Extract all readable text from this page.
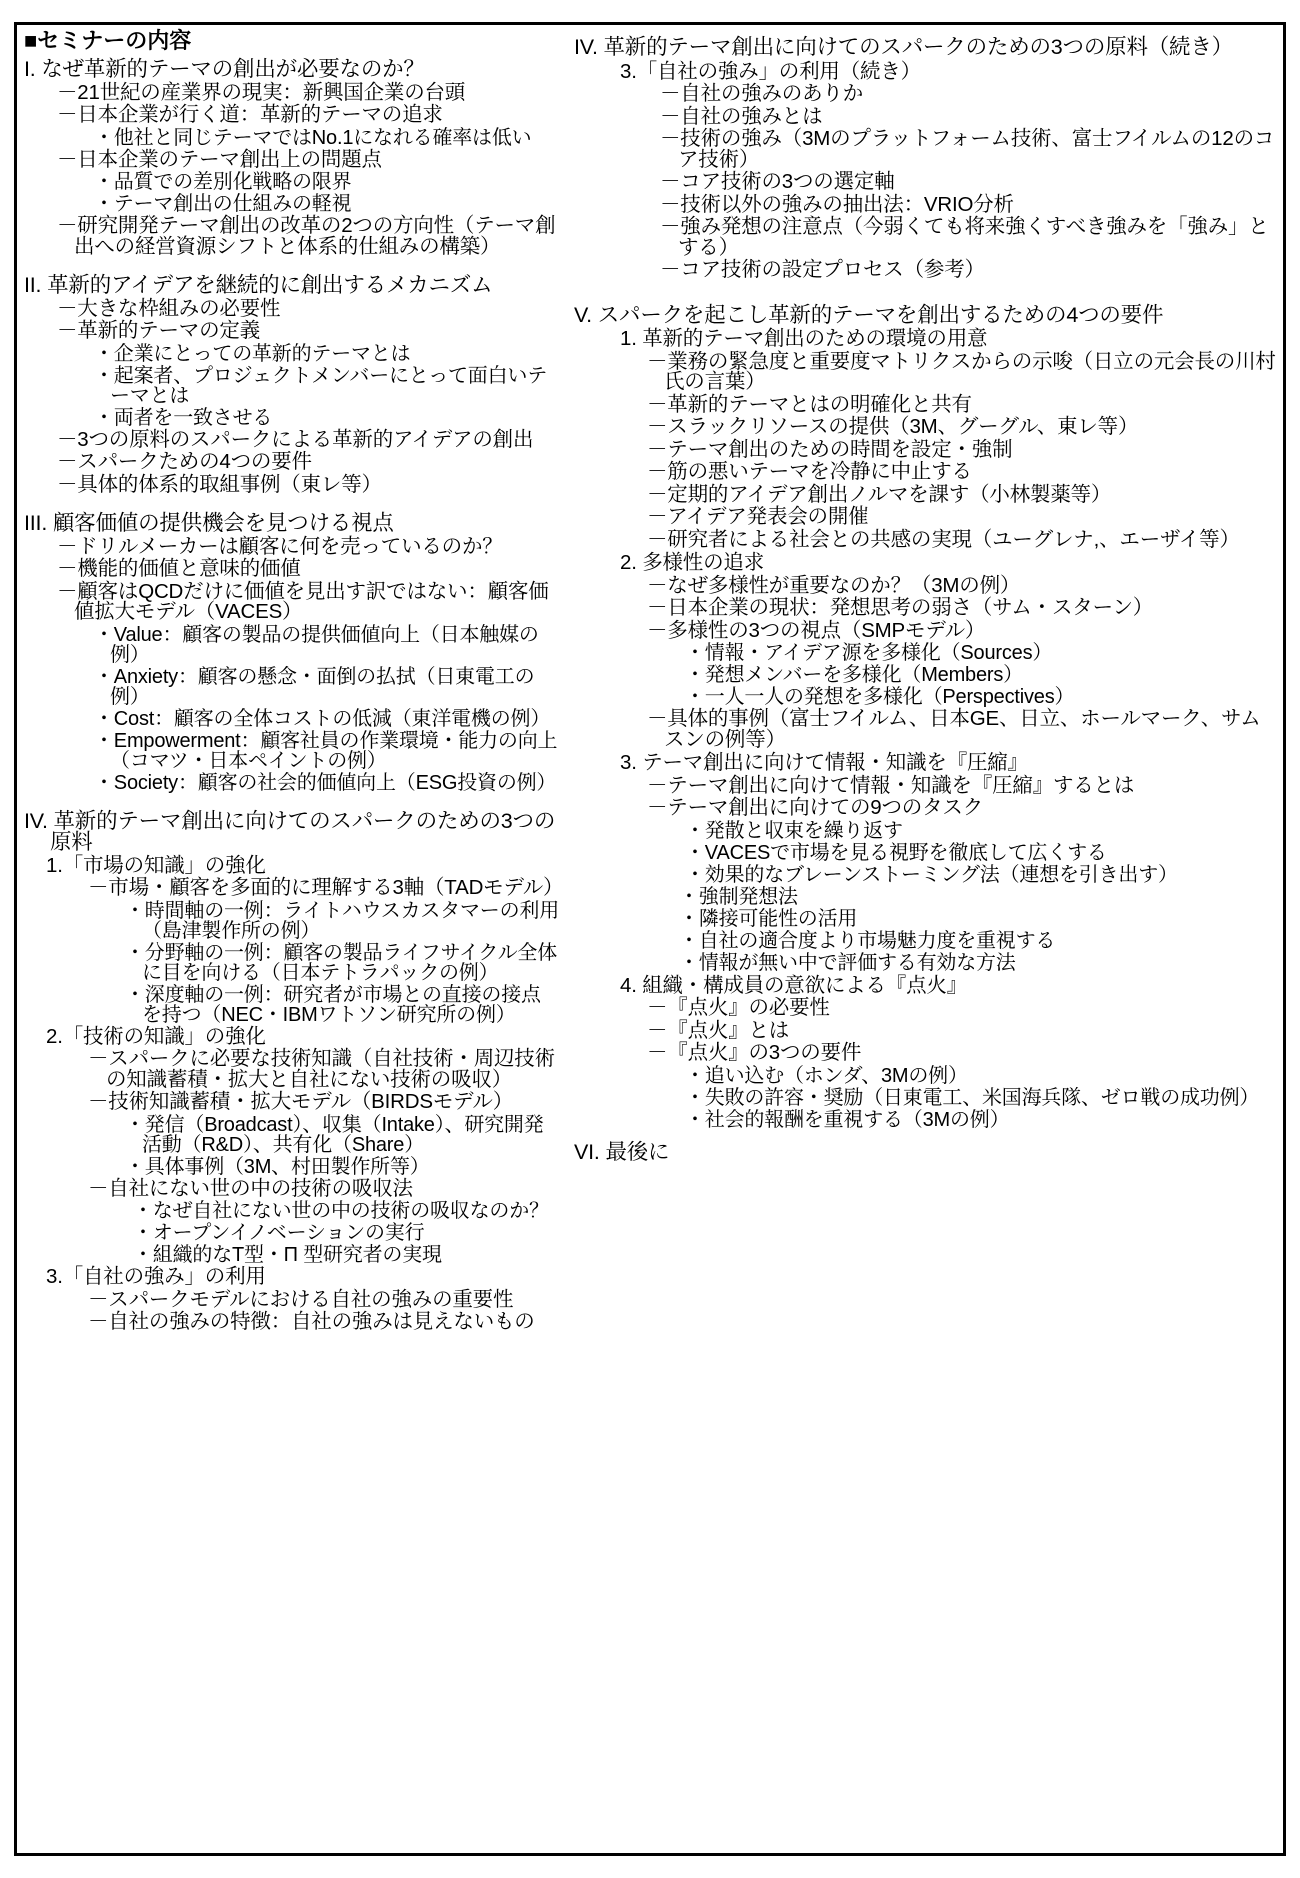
■セミナーの内容
I. なぜ革新的テーマの創出が必要なのか？
－21世紀の産業界の現実：新興国企業の台頭
－日本企業が行く道：革新的テーマの追求
・他社と同じテーマではNo.1になれる確率は低い
－日本企業のテーマ創出上の問題点
・品質での差別化戦略の限界
・テーマ創出の仕組みの軽視
－研究開発テーマ創出の改革の2つの方向性（テーマ創出への経営資源シフトと体系的仕組みの構築）
II. 革新的アイデアを継続的に創出するメカニズム
－大きな枠組みの必要性
－革新的テーマの定義
・企業にとっての革新的テーマとは
・起案者、プロジェクトメンバーにとって面白いテーマとは
・両者を一致させる
－3つの原料のスパークによる革新的アイデアの創出
－スパークための4つの要件
－具体的体系的取組事例（東レ等）
III. 顧客価値の提供機会を見つける視点
－ドリルメーカーは顧客に何を売っているのか？
－機能的価値と意味的価値
－顧客はQCDだけに価値を見出す訳ではない：顧客価値拡大モデル（VACES）
・Value：顧客の製品の提供価値向上（日本触媒の例）
・Anxiety：顧客の懸念・面倒の払拭（日東電工の例）
・Cost：顧客の全体コストの低減（東洋電機の例）
・Empowerment：顧客社員の作業環境・能力の向上　（コマツ・日本ペイントの例）
・Society：顧客の社会的価値向上（ESG投資の例）
IV. 革新的テーマ創出に向けてのスパークのための3つの原料
1.「市場の知識」の強化
－市場・顧客を多面的に理解する3軸（TADモデル）
・時間軸の一例：ライトハウスカスタマーの利用（島津製作所の例）
・分野軸の一例：顧客の製品ライフサイクル全体に目を向ける（日本テトラパックの例）
・深度軸の一例：研究者が市場との直接の接点を持つ（NEC・IBMワトソン研究所の例）
2.「技術の知識」の強化
－スパークに必要な技術知識（自社技術・周辺技術の知識蓄積・拡大と自社にない技術の吸収）
－技術知識蓄積・拡大モデル（BIRDSモデル）
・発信（Broadcast）、収集（Intake）、研究開発活動（R&D）、共有化（Share）
・具体事例（3M、村田製作所等）
－自社にない世の中の技術の吸収法
・なぜ自社にない世の中の技術の吸収なのか？
・オープンイノベーションの実行
・組織的なT型・Π 型研究者の実現
3.「自社の強み」の利用
－スパークモデルにおける自社の強みの重要性
－自社の強みの特徴：自社の強みは見えないもの
IV. 革新的テーマ創出に向けてのスパークのための3つの原料（続き）
3.「自社の強み」の利用（続き）
－自社の強みのありか
－自社の強みとは
－技術の強み（3Mのプラットフォーム技術、富士フイルムの12のコア技術）
－コア技術の3つの選定軸
－技術以外の強みの抽出法：VRIO分析
－強み発想の注意点（今弱くても将来強くすべき強みを「強み」とする）
－コア技術の設定プロセス（参考）
V. スパークを起こし革新的テーマを創出するための4つの要件
1. 革新的テーマ創出のための環境の用意
－業務の緊急度と重要度マトリクスからの示唆（日立の元会長の川村氏の言葉）
－革新的テーマとはの明確化と共有
－スラックリソースの提供（3M、グーグル、東レ等）
－テーマ創出のための時間を設定・強制
－筋の悪いテーマを冷静に中止する
－定期的アイデア創出ノルマを課す（小林製薬等）
－アイデア発表会の開催
－研究者による社会との共感の実現（ユーグレナ,、エーザイ等）
2. 多様性の追求
－なぜ多様性が重要なのか？（3Mの例）
－日本企業の現状：発想思考の弱さ（サム・スターン）
－多様性の3つの視点（SMPモデル）
・情報・アイデア源を多様化（Sources）
・発想メンバーを多様化（Members）
・一人一人の発想を多様化（Perspectives）
－具体的事例（富士フイルム、日本GE、日立、ホールマーク、サムスンの例等）
3. テーマ創出に向けて情報・知識を『圧縮』
－テーマ創出に向けて情報・知識を『圧縮』するとは
－テーマ創出に向けての9つのタスク
・発散と収束を繰り返す
・VACESで市場を見る視野を徹底して広くする
・効果的なブレーンストーミング法（連想を引き出す）
・強制発想法
・隣接可能性の活用
・自社の適合度より市場魅力度を重視する
・情報が無い中で評価する有効な方法
4. 組織・構成員の意欲による『点火』
－『点火』の必要性
－『点火』とは
－『点火』の3つの要件
・追い込む（ホンダ、3Mの例）
・失敗の許容・奨励（日東電工、米国海兵隊、ゼロ戦の成功例）
・社会的報酬を重視する（3Mの例）
VI. 最後に
